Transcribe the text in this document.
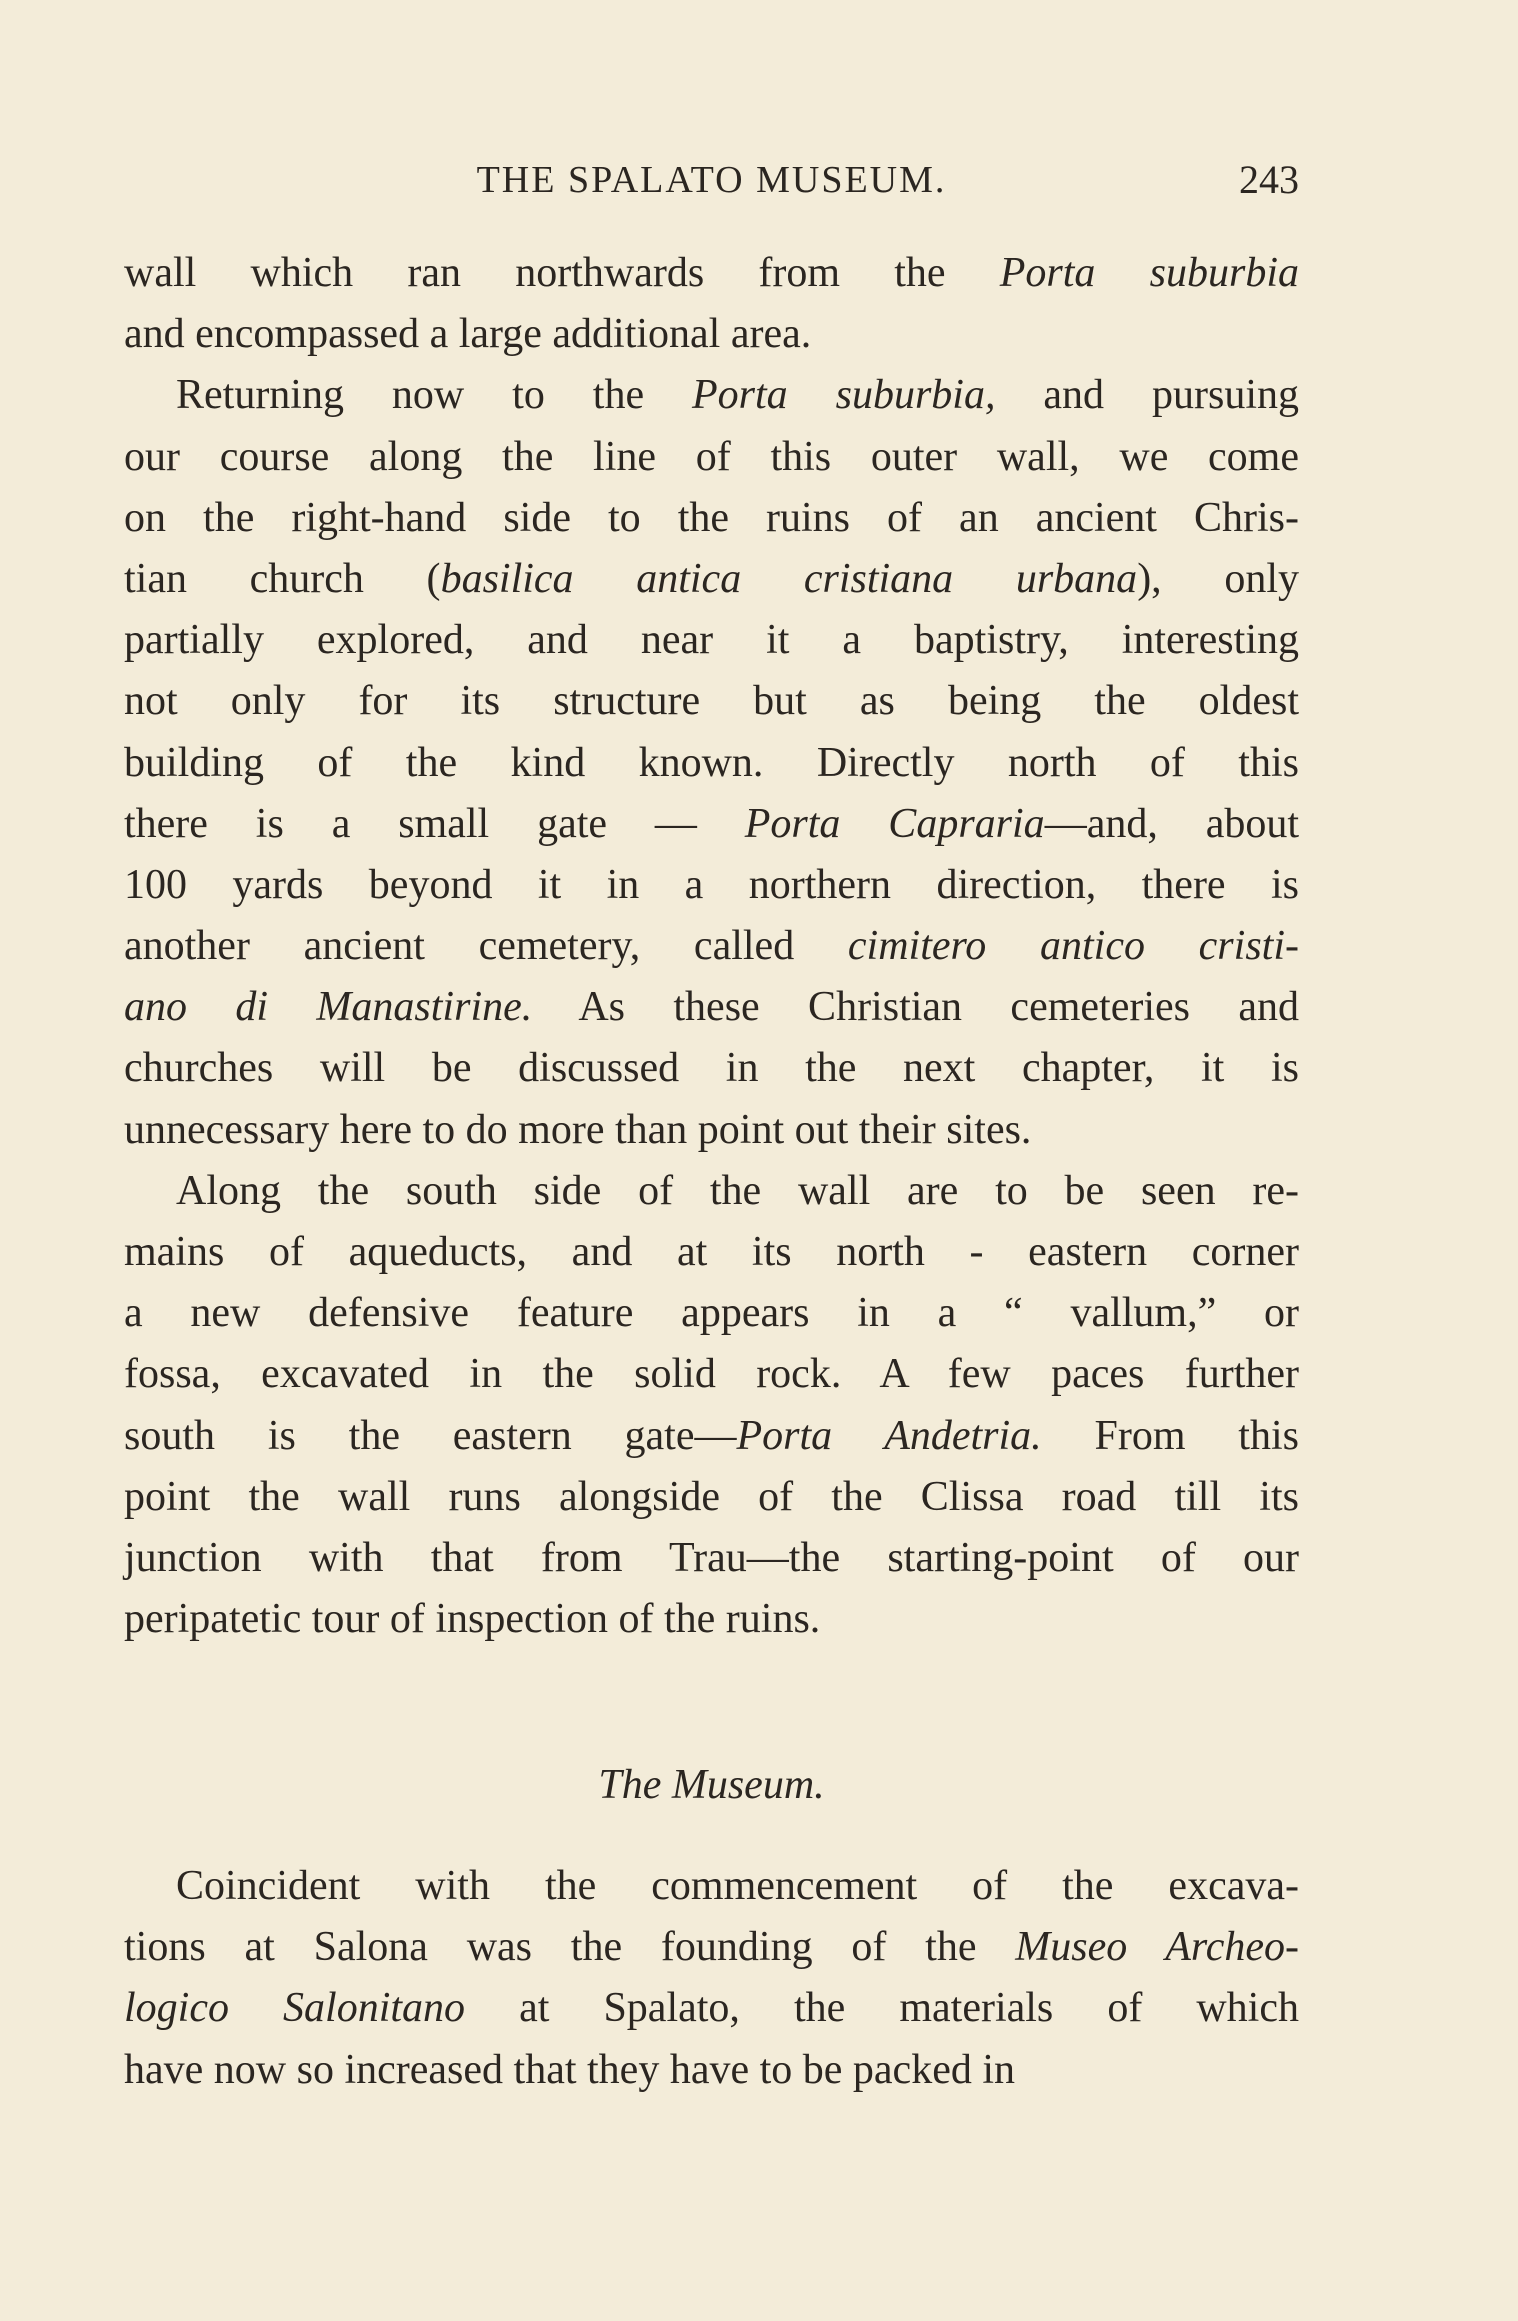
THE SPALATO MUSEUM.	243
wall which ran northwards from the Porta suburbia
and encompassed a large additional area.
Returning now to the Porta suburbia, and pursuing
our course along the line of this outer wall, we come
on the right-hand side to the ruins of an ancient Chris-
tian church (basilica antica cristiana urbana), only
partially explored, and near it a baptistry, interesting
not only for its structure but as being the oldest
building of the kind known. Directly north of this
there is a small gate — Porta Capraria—and, about
100 yards beyond it in a northern direction, there is
another ancient cemetery, called cimitero antico cristi-
ano di Manastirine. As these Christian cemeteries and
churches will be discussed in the next chapter, it is
unnecessary here to do more than point out their sites.
Along the south side of the wall are to be seen re-
mains of aqueducts, and at its north - eastern corner
a new defensive feature appears in a “ vallum,” or
fossa, excavated in the solid rock. A few paces further
south is the eastern gate—Porta Andetria. From this
point the wall runs alongside of the Clissa road till its
junction with that from Trau—the starting-point of our
peripatetic tour of inspection of the ruins.
The Museum.
Coincident with the commencement of the excava-
tions at Salona was the founding of the Museo Archeo-
logico Salonitano at Spalato, the materials of which
have now so increased that they have to be packed in
